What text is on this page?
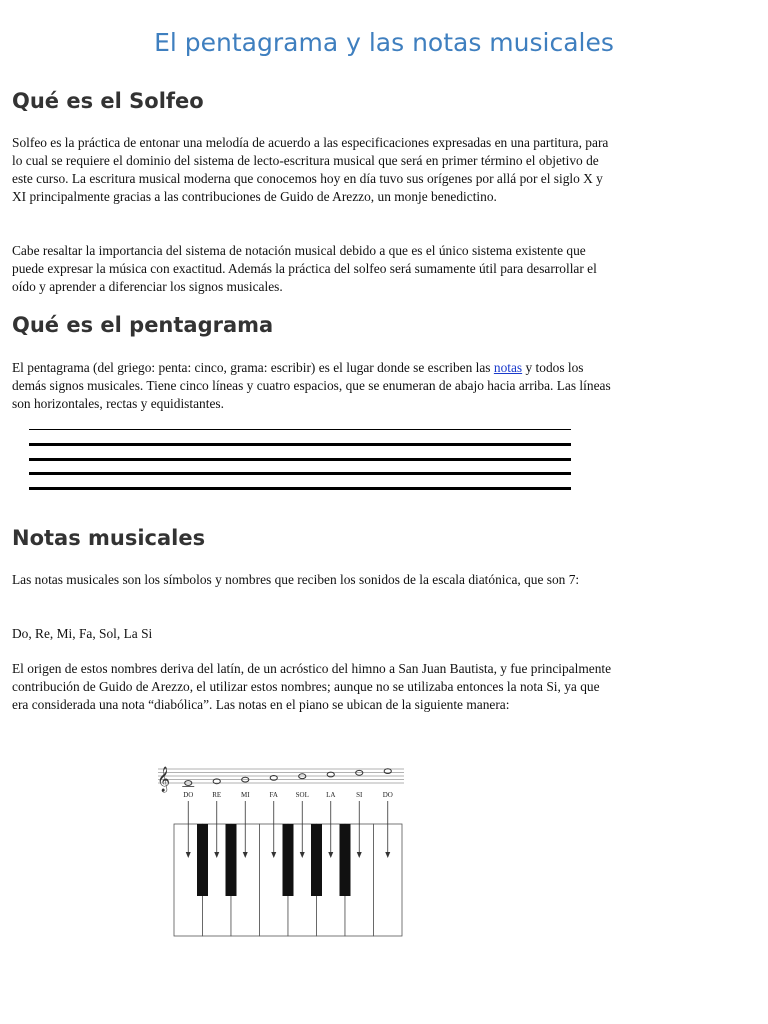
El pentagrama y las notas musicales
Qué es el Solfeo

Solfeo es la práctica de entonar una melodía de acuerdo a las especificaciones expresadas en una partitura, para lo cual se requiere el dominio del sistema de lecto-escritura musical que será en primer término el objetivo de este curso. La escritura musical moderna que conocemos hoy en día tuvo sus orígenes por allá por el siglo X y XI principalmente gracias a las contribuciones de Guido de Arezzo, un monje benedictino.

Cabe resaltar la importancia del sistema de notación musical debido a que es el único sistema existente que puede expresar la música con exactitud. Además la práctica del solfeo será sumamente útil para desarrollar el oído y aprender a diferenciar los signos musicales.

Qué es el pentagrama

El pentagrama (del griego: penta: cinco, grama: escribir) es el lugar donde se escriben las notas y todos los demás signos musicales. Tiene cinco líneas y cuatro espacios, que se enumeran de abajo hacia arriba. Las líneas son horizontales, rectas y equidistantes.

Notas musicales

Las notas musicales son los símbolos y nombres que reciben los sonidos de la escala diatónica, que son 7:

Do, Re, Mi, Fa, Sol, La Si

El origen de estos nombres deriva del latín, de un acróstico del himno a San Juan Bautista, y fue principalmente contribución de Guido de Arezzo, el utilizar estos nombres; aunque no se utilizaba entonces la nota Si, ya que era considerada una nota “diabólica”. Las notas en el piano se ubican de la siguiente manera:

𝄞
DO	RE	MI	FA	SOL LA	SI	DO
